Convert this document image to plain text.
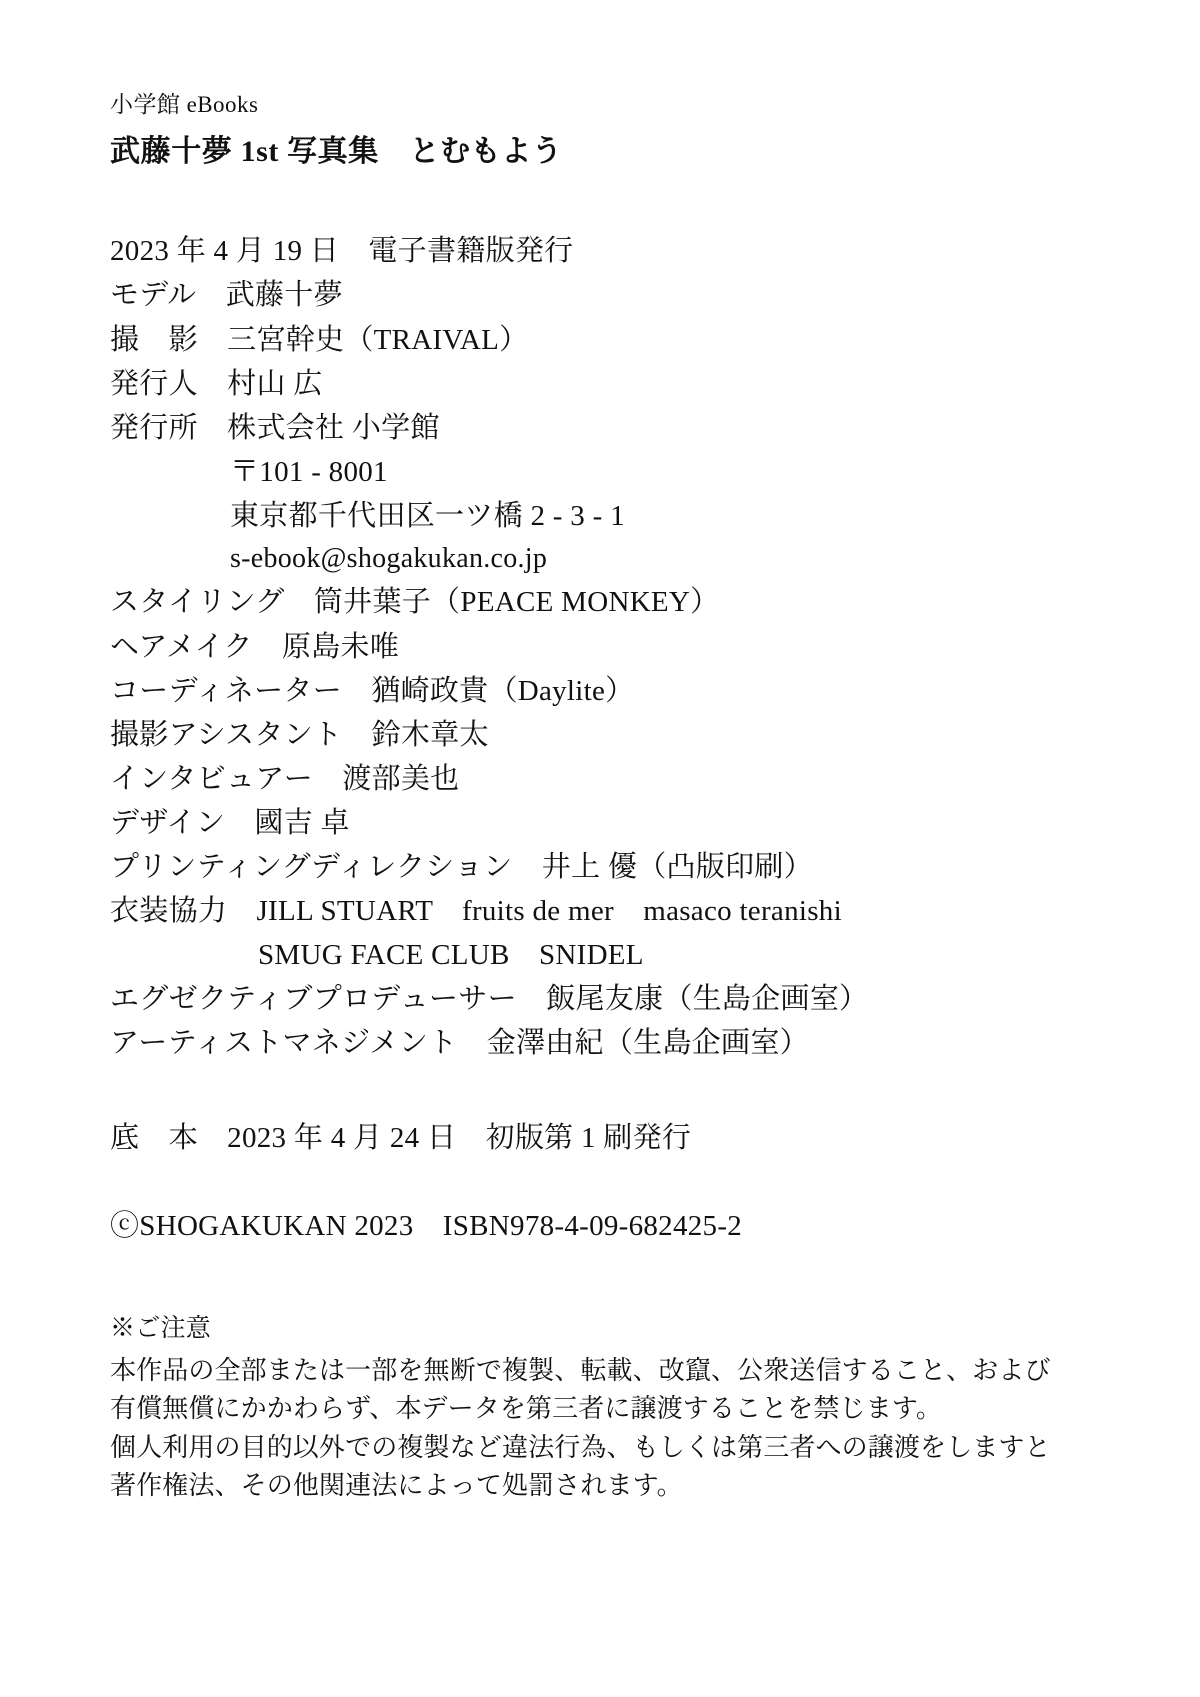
小学館 eBooks

武藤十夢 1st 写真集　とむもよう

2023 年 4 月 19 日　電子書籍版発行

モデル　武藤十夢

撮　影　三宮幹史（TRAIVAL）

発行人　村山 広

発行所　株式会社 小学館

〒101 - 8001

東京都千代田区一ツ橋 2 - 3 - 1

s-ebook@shogakukan.co.jp

スタイリング　筒井葉子（PEACE MONKEY）

ヘアメイク　原島未唯

コーディネーター　猶崎政貴（Daylite）

撮影アシスタント　鈴木章太

インタビュアー　渡部美也

デザイン　國吉 卓

プリンティングディレクション　井上 優（凸版印刷）

衣装協力　JILL STUART　fruits de mer　masaco teranishi

SMUG FACE CLUB　SNIDEL

エグゼクティブプロデューサー　飯尾友康（生島企画室）

アーティストマネジメント　金澤由紀（生島企画室）

底　本　2023 年 4 月 24 日　初版第 1 刷発行

ⓒSHOGAKUKAN 2023　ISBN978-4-09-682425-2

※ご注意

本作品の全部または一部を無断で複製、転載、改竄、公衆送信すること、および

有償無償にかかわらず、本データを第三者に譲渡することを禁じます。

個人利用の目的以外での複製など違法行為、もしくは第三者への譲渡をしますと

著作権法、その他関連法によって処罰されます。
